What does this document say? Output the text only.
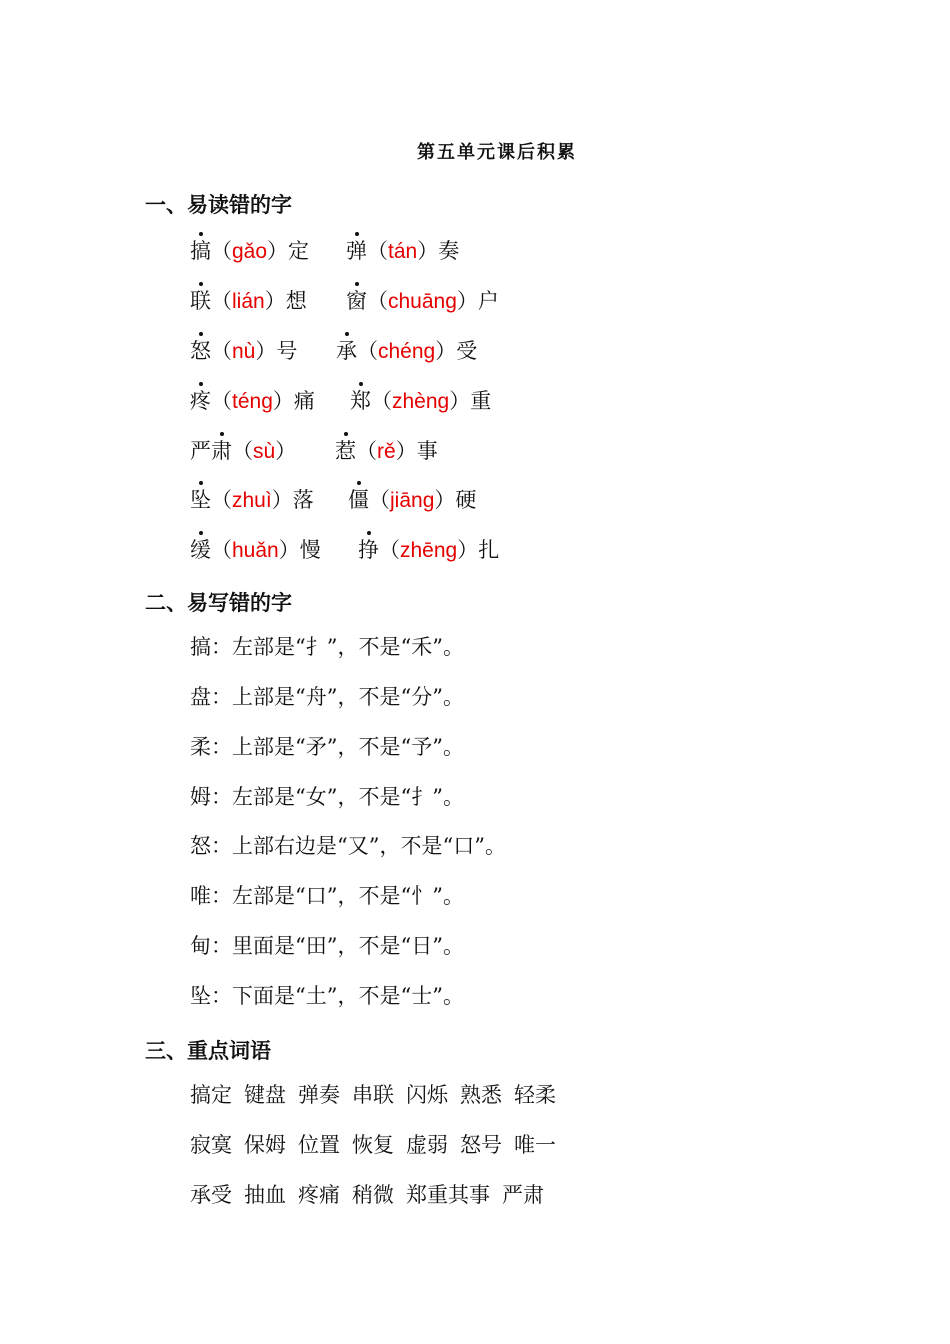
第五单元课后积累
一、易读错的字
二、易写错的字
三、重点词语
搞（gǎo）定 弹（tán）奏
联（lián）想 窗（chuāng）户
怒（nù）号 承（chéng）受
疼（téng）痛 郑（zhèng）重
严肃（sù） 惹（rě）事
坠（zhuì）落 僵（jiāng）硬
缓（huǎn）慢 挣（zhēng）扎
搞：左部是“扌”，不是“禾”。
盘：上部是“舟”，不是“分”。
柔：上部是“矛”，不是“予”。
姆：左部是“女”，不是“扌”。
怒：上部右边是“又”，不是“口”。
唯：左部是“口”，不是“忄”。
甸：里面是“田”，不是“日”。
坠：下面是“土”，不是“士”。
搞定 键盘 弹奏 串联 闪烁 熟悉 轻柔
寂寞 保姆 位置 恢复 虚弱 怒号 唯一
承受 抽血 疼痛 稍微 郑重其事 严肃
